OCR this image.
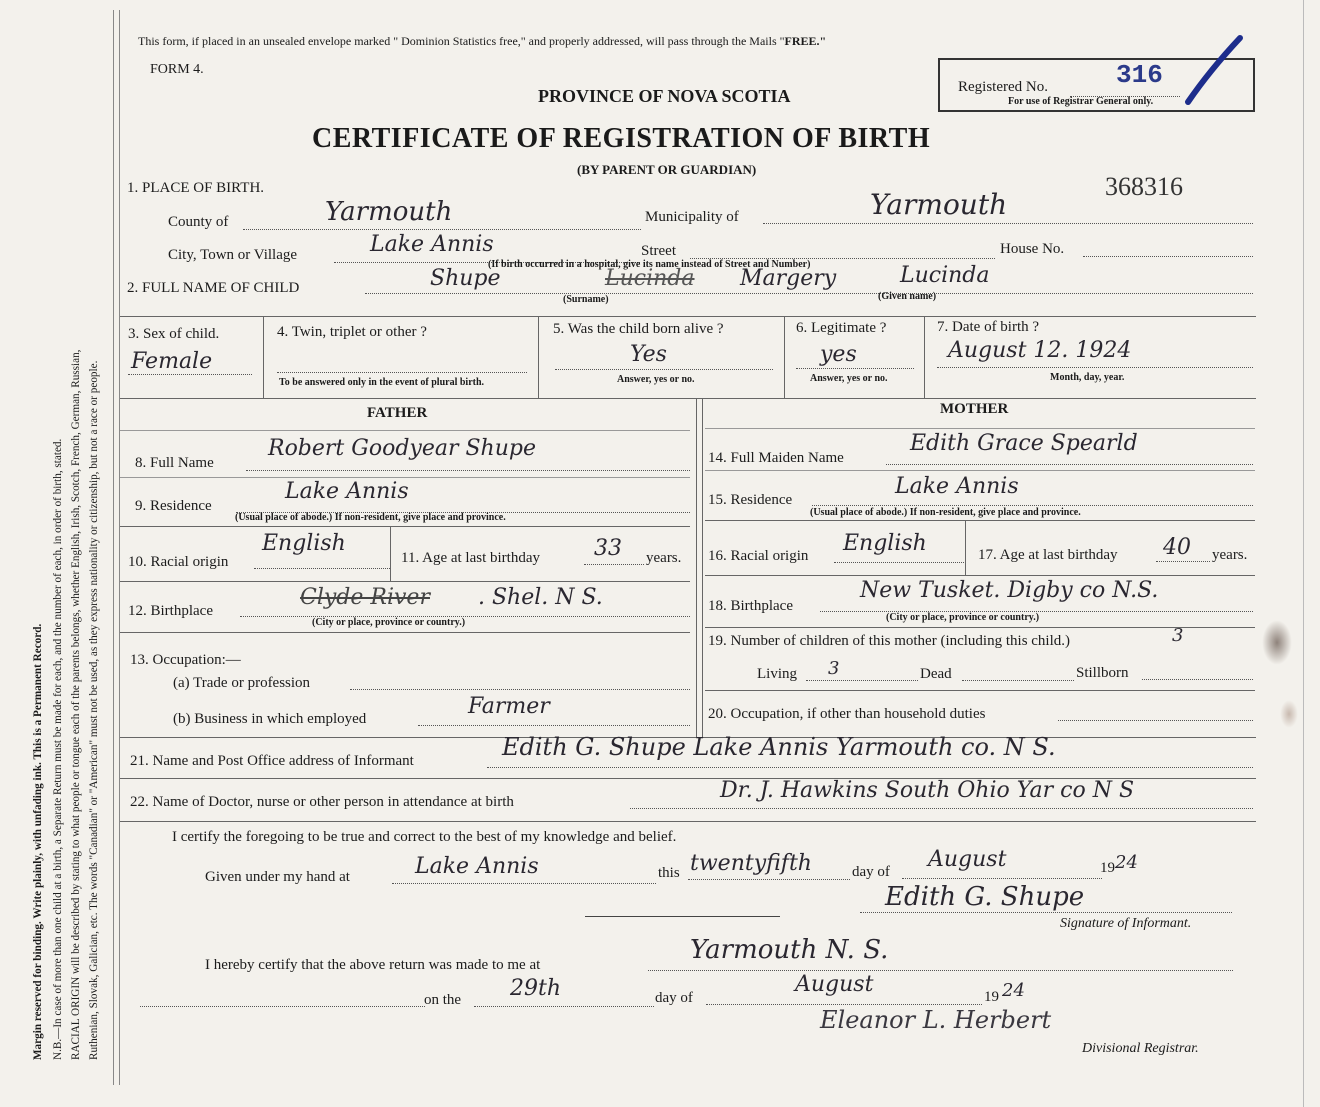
Margin reserved for binding. Write plainly, with unfading ink. This is a Permanent Record. N.B.—In case of more than one child at a birth, a Separate Return must be made for each, and the number of each, in order of birth, stated. RACIAL ORIGIN will be described by stating to what people or tongue each of the parents belongs, whether English, Irish, Scotch, French, German, Russian, Ruthenian, Slovak, Galician, etc. The words "Canadian" or "American" must not be used, as they express nationality or citizenship, but not a race or people.
This form, if placed in an unsealed envelope marked " Dominion Statistics free," and properly addressed, will pass through the Mails "FREE."
FORM 4.
PROVINCE OF NOVA SCOTIA
CERTIFICATE OF REGISTRATION OF BIRTH
(BY PARENT OR GUARDIAN)
Registered No.	316
For use of Registrar General only.
368316
1. PLACE OF BIRTH.
County of	Yarmouth	Municipality of	Yarmouth
City, Town or Village	Lake Annis	Street	House No.
(If birth occurred in a hospital, give its name instead of Street and Number)
2. FULL NAME OF CHILD	Shupe	Lucinda Margery	Lucinda
(Surname)	(Given name)
3. Sex of child.
Female
4. Twin, triplet or other ?
To be answered only in the event of plural birth.
5. Was the child born alive ?
Yes
Answer, yes or no.
6. Legitimate ?
yes
Answer, yes or no.
7. Date of birth ?
August 12. 1924
Month, day, year.
FATHER	MOTHER
8. Full Name
Robert Goodyear Shupe
9. Residence
Lake Annis
(Usual place of abode.) If non-resident, give place and province.
10. Racial origin
English
11. Age at last birthday 33 years.
12. Birthplace
Clyde River . Shel. N S.
(City or place, province or country.)
13. Occupation:—
(a) Trade or profession
(b) Business in which employed	Farmer
14. Full Maiden Name
Edith Grace Spearld
15. Residence
Lake Annis
(Usual place of abode.) If non-resident, give place and province.
16. Racial origin English	17. Age at last birthday 40 years.
18. Birthplace
New Tusket. Digby co N.S.
(City or place, province or country.)
19. Number of children of this mother (including this child.)	3
Living 3	Dead	Stillborn
20. Occupation, if other than household duties
21. Name and Post Office address of Informant	Edith G. Shupe Lake Annis Yarmouth co. N S.
22. Name of Doctor, nurse or other person in attendance at birth	Dr. J. Hawkins South Ohio Yar co N S
I certify the foregoing to be true and correct to the best of my knowledge and belief.
Given under my hand at	Lake Annis	this twentyfifth	day of August	19 24
Edith G. Shupe
Signature of Informant.
I hereby certify that the above return was made to me at	Yarmouth N. S.
on the 29th	day of
August	19 24
Eleanor L. Herbert
Divisional Registrar.
